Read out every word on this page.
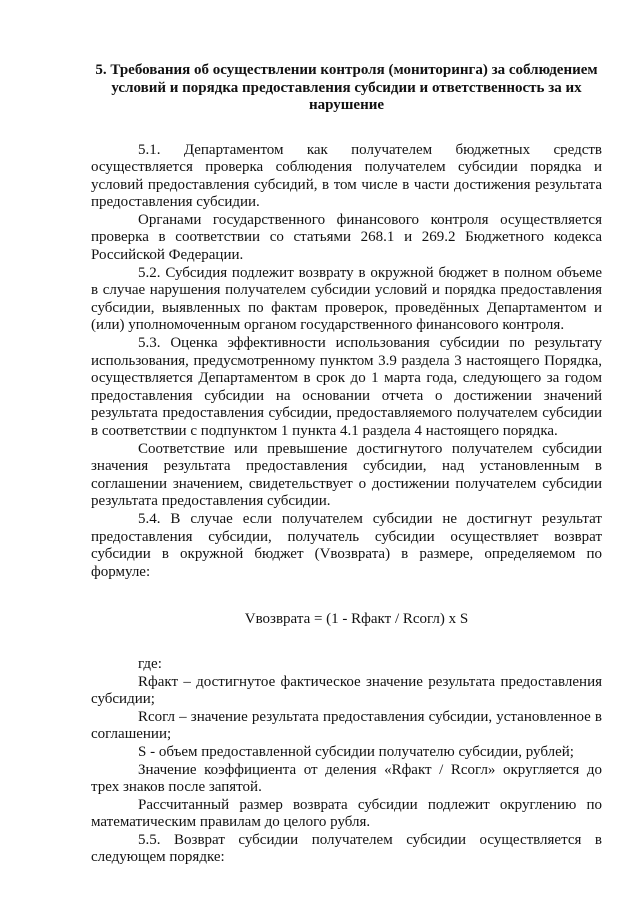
5. Требования об осуществлении контроля (мониторинга) за соблюдением условий и порядка предоставления субсидии и ответственность за их нарушение

5.1. Департаментом как получателем бюджетных средств осуществляется проверка соблюдения получателем субсидии порядка и условий предоставления субсидий, в том числе в части достижения результата предоставления субсидии.

Органами государственного финансового контроля осуществляется проверка в соответствии со статьями 268.1 и 269.2 Бюджетного кодекса Российской Федерации.

5.2. Субсидия подлежит возврату в окружной бюджет в полном объеме в случае нарушения получателем субсидии условий и порядка предоставления субсидии, выявленных по фактам проверок, проведённых Департаментом и (или) уполномоченным органом государственного финансового контроля.

5.3. Оценка эффективности использования субсидии по результату использования, предусмотренному пунктом 3.9 раздела 3 настоящего Порядка, осуществляется Департаментом в срок до 1 марта года, следующего за годом предоставления субсидии на основании отчета о достижении значений результата предоставления субсидии, предоставляемого получателем субсидии в соответствии с подпунктом 1 пункта 4.1 раздела 4 настоящего порядка.

Соответствие или превышение достигнутого получателем субсидии значения результата предоставления субсидии, над установленным в соглашении значением, свидетельствует о достижении получателем субсидии результата предоставления субсидии.

5.4. В случае если получателем субсидии не достигнут результат предоставления субсидии, получатель субсидии осуществляет возврат субсидии в окружной бюджет (Vвозврата) в размере, определяемом по формуле:

Vвозврата = (1 - Rфакт / Rсогл) x S

где:

Rфакт – достигнутое фактическое значение результата предоставления субсидии;

Rсогл – значение результата предоставления субсидии, установленное в соглашении;

S - объем предоставленной субсидии получателю субсидии, рублей;

Значение коэффициента от деления «Rфакт / Rсогл» округляется до трех знаков после запятой.

Рассчитанный размер возврата субсидии подлежит округлению по математическим правилам до целого рубля.

5.5. Возврат субсидии получателем субсидии осуществляется в следующем порядке:
